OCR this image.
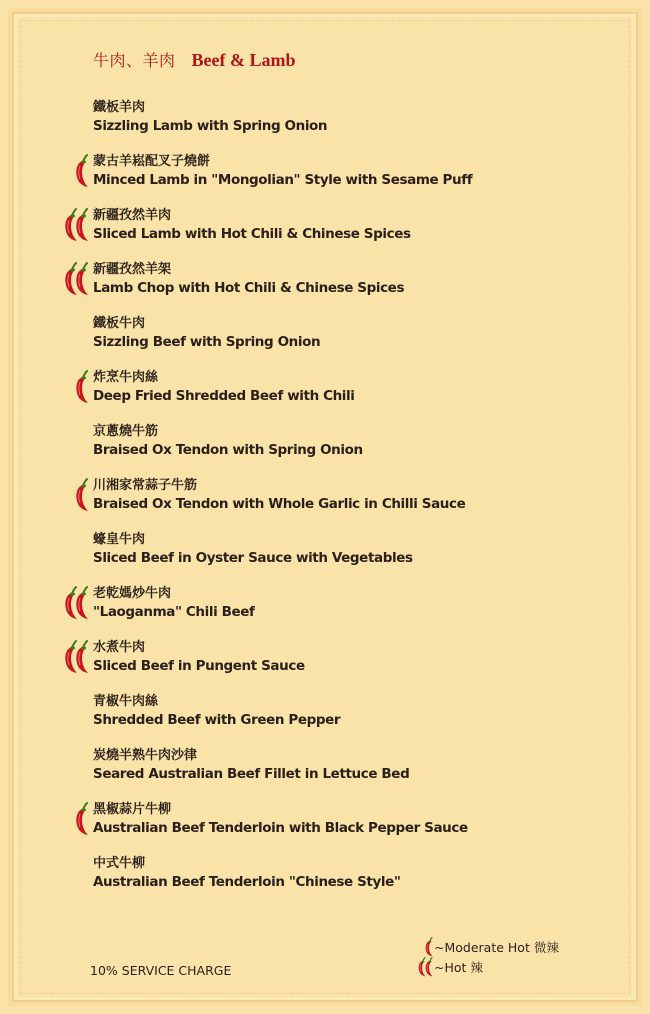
牛肉、羊肉 Beef & Lamb
鐵板羊肉
Sizzling Lamb with Spring Onion
蒙古羊崧配叉子燒餅
Minced Lamb in "Mongolian" Style with Sesame Puff
新疆孜然羊肉
Sliced Lamb with Hot Chili & Chinese Spices
新疆孜然羊架
Lamb Chop with Hot Chili & Chinese Spices
鐵板牛肉
Sizzling Beef with Spring Onion
炸烹牛肉絲
Deep Fried Shredded Beef with Chili
京蔥燒牛筋
Braised Ox Tendon with Spring Onion
川湘家常蒜子牛筋
Braised Ox Tendon with Whole Garlic in Chilli Sauce
蠔皇牛肉
Sliced Beef in Oyster Sauce with Vegetables
老乾媽炒牛肉
"Laoganma" Chili Beef
水煮牛肉
Sliced Beef in Pungent Sauce
青椒牛肉絲
Shredded Beef with Green Pepper
炭燒半熟牛肉沙律
Seared Australian Beef Fillet in Lettuce Bed
黑椒蒜片牛柳
Australian Beef Tenderloin with Black Pepper Sauce
中式牛柳
Australian Beef Tenderloin "Chinese Style"
10% SERVICE CHARGE
~Moderate Hot 微辣
~Hot 辣
